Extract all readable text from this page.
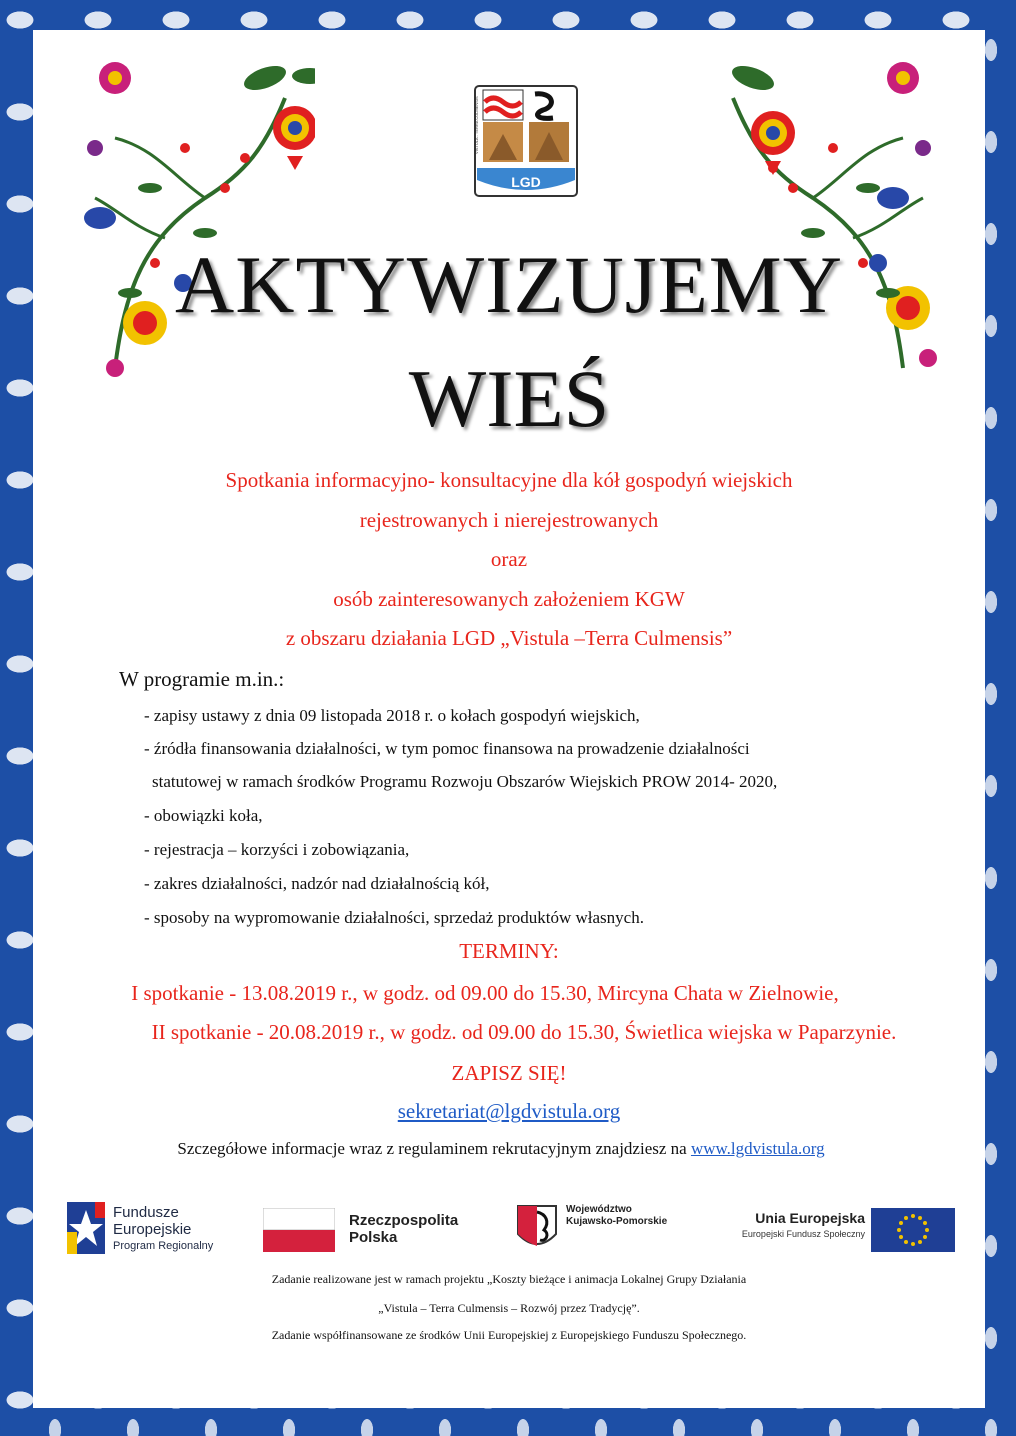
LGD
VISTULA - TERRA CULMENSIS
AKTYWIZUJEMY
WIEŚ
Spotkania informacyjno- konsultacyjne dla kół gospodyń wiejskich
rejestrowanych i nierejestrowanych
oraz
osób zainteresowanych założeniem KGW
z obszaru działania LGD „Vistula –Terra Culmensis”
W programie m.in.:
- zapisy ustawy z dnia 09 listopada 2018 r. o kołach gospodyń wiejskich,
- źródła finansowania działalności, w tym pomoc finansowa na prowadzenie działalności
statutowej w ramach środków Programu Rozwoju Obszarów Wiejskich PROW 2014- 2020,
- obowiązki koła,
- rejestracja – korzyści i zobowiązania,
- zakres działalności, nadzór nad działalnością kół,
- sposoby na wypromowanie działalności, sprzedaż produktów własnych.
TERMINY:
I spotkanie - 13.08.2019 r., w godz. od 09.00 do 15.30, Mircyna Chata w Zielnowie,
II spotkanie - 20.08.2019 r., w godz. od 09.00 do 15.30, Świetlica wiejska w Paparzynie.
ZAPISZ SIĘ!
sekretariat@lgdvistula.org
Szczegółowe informacje wraz z regulaminem rekrutacyjnym znajdziesz na www.lgdvistula.org
Fundusze
Europejskie
Program Regionalny
Rzeczpospolita
Polska
Województwo
Kujawsko-Pomorskie	Unia Europejska
Europejski Fundusz Społeczny
Zadanie realizowane jest w ramach projektu „Koszty bieżące i animacja Lokalnej Grupy Działania
„Vistula – Terra Culmensis – Rozwój przez Tradycję”.
Zadanie współfinansowane ze środków Unii Europejskiej z Europejskiego Funduszu Społecznego.
